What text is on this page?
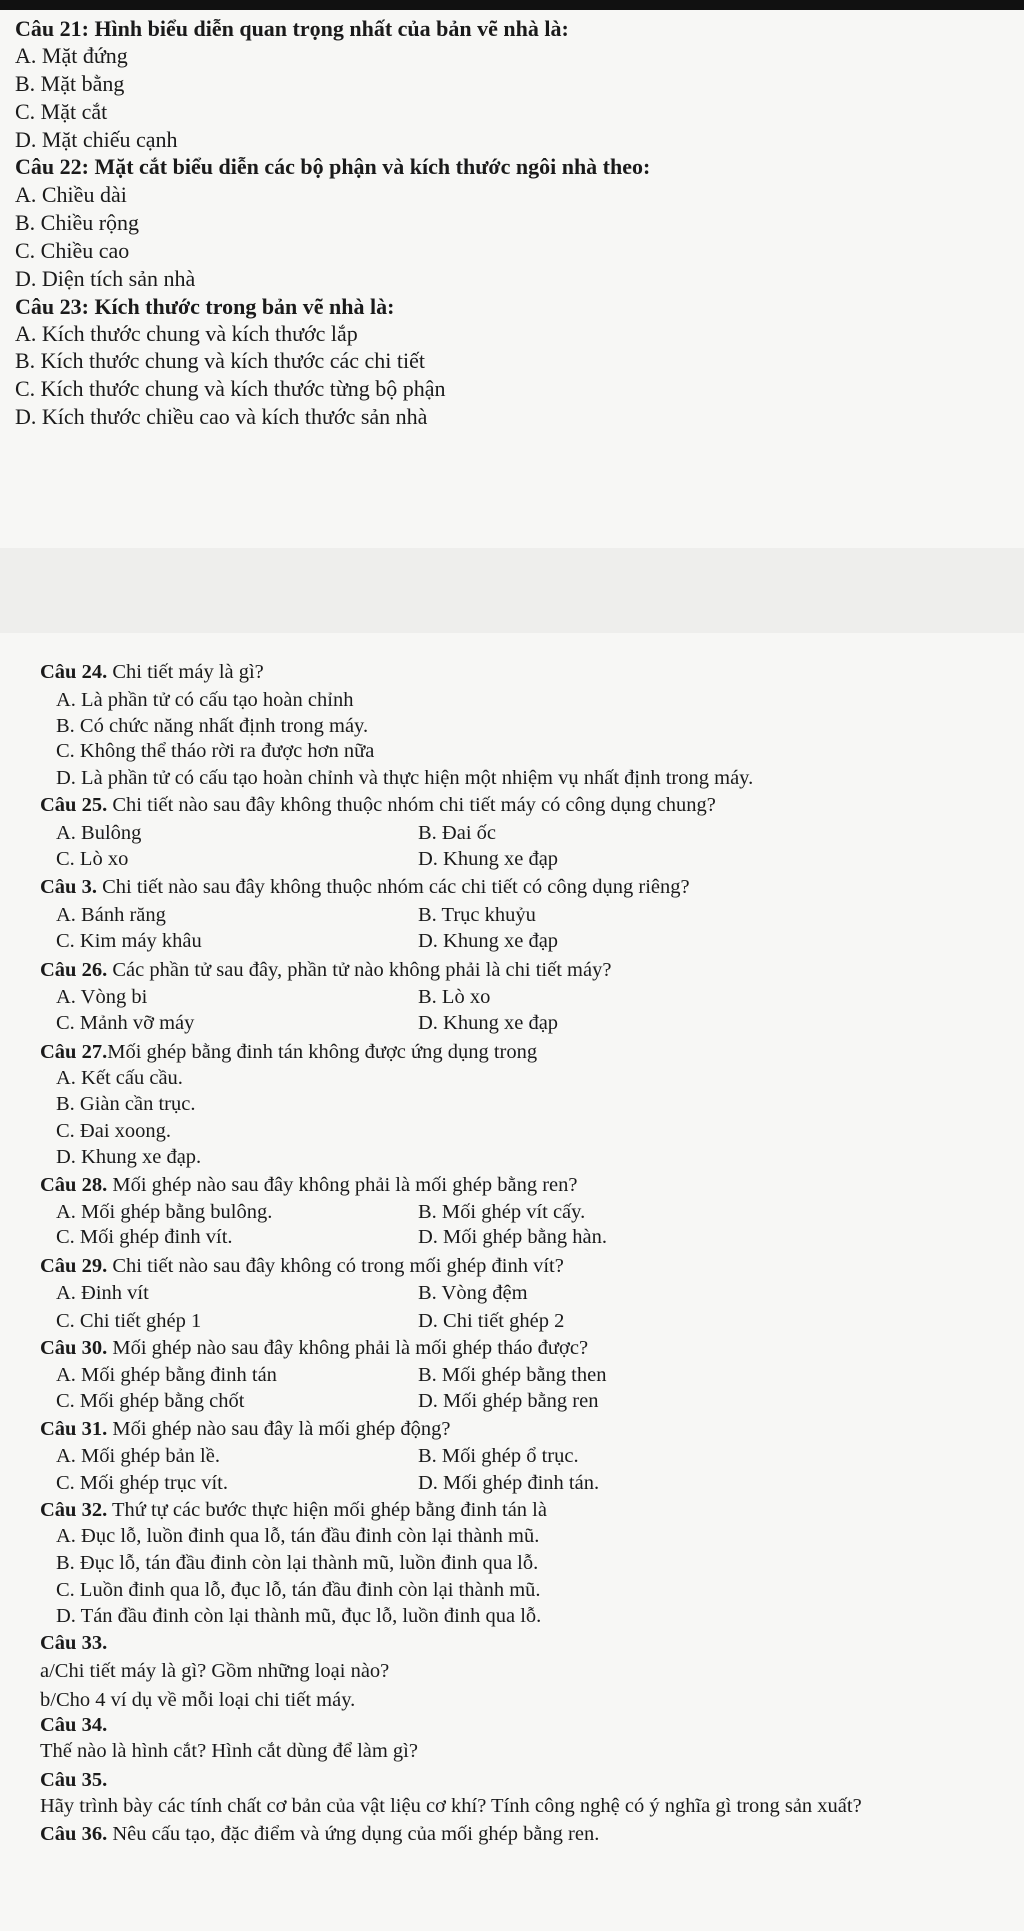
Câu 21: Hình biểu diễn quan trọng nhất của bản vẽ nhà là:
A. Mặt đứng
B. Mặt bằng
C. Mặt cắt
D. Mặt chiếu cạnh
Câu 22: Mặt cắt biểu diễn các bộ phận và kích thước ngôi nhà theo:
A. Chiều dài
B. Chiều rộng
C. Chiều cao
D. Diện tích sản nhà
Câu 23: Kích thước trong bản vẽ nhà là:
A. Kích thước chung và kích thước lắp
B. Kích thước chung và kích thước các chi tiết
C. Kích thước chung và kích thước từng bộ phận
D. Kích thước chiều cao và kích thước sản nhà
Câu 24. Chi tiết máy là gì?
A. Là phần tử có cấu tạo hoàn chỉnh
B. Có chức năng nhất định trong máy.
C. Không thể tháo rời ra được hơn nữa
D. Là phần tử có cấu tạo hoàn chỉnh và thực hiện một nhiệm vụ nhất định trong máy.
Câu 25. Chi tiết nào sau đây không thuộc nhóm chi tiết máy có công dụng chung?
A. Bulông	B. Đai ốc
C. Lò xo	D. Khung xe đạp
Câu 3. Chi tiết nào sau đây không thuộc nhóm các chi tiết có công dụng riêng?
A. Bánh răng	B. Trục khuỷu
C. Kim máy khâu	D. Khung xe đạp
Câu 26. Các phần tử sau đây, phần tử nào không phải là chi tiết máy?
A. Vòng bi	B. Lò xo
C. Mảnh vỡ máy	D. Khung xe đạp
Câu 27.Mối ghép bằng đinh tán không được ứng dụng trong
A. Kết cấu cầu.
B. Giàn cần trục.
C. Đai xoong.
D. Khung xe đạp.
Câu 28. Mối ghép nào sau đây không phải là mối ghép bằng ren?
A. Mối ghép bằng bulông.	B. Mối ghép vít cấy.
C. Mối ghép đinh vít.	D. Mối ghép bằng hàn.
Câu 29. Chi tiết nào sau đây không có trong mối ghép đinh vít?
A. Đinh vít	B. Vòng đệm
C. Chi tiết ghép 1	D. Chi tiết ghép 2
Câu 30. Mối ghép nào sau đây không phải là mối ghép tháo được?
A. Mối ghép bằng đinh tán	B. Mối ghép bằng then
C. Mối ghép bằng chốt	D. Mối ghép bằng ren
Câu 31. Mối ghép nào sau đây là mối ghép động?
A. Mối ghép bản lề.	B. Mối ghép ổ trục.
C. Mối ghép trục vít.	D. Mối ghép đinh tán.
Câu 32. Thứ tự các bước thực hiện mối ghép bằng đinh tán là
A. Đục lỗ, luồn đinh qua lỗ, tán đầu đinh còn lại thành mũ.
B. Đục lỗ, tán đầu đinh còn lại thành mũ, luồn đinh qua lỗ.
C. Luồn đinh qua lỗ, đục lỗ, tán đầu đinh còn lại thành mũ.
D. Tán đầu đinh còn lại thành mũ, đục lỗ, luồn đinh qua lỗ.
Câu 33.
a/Chi tiết máy là gì? Gồm những loại nào?
b/Cho 4 ví dụ về mỗi loại chi tiết máy.
Câu 34.
Thế nào là hình cắt? Hình cắt dùng để làm gì?
Câu 35.
Hãy trình bày các tính chất cơ bản của vật liệu cơ khí? Tính công nghệ có ý nghĩa gì trong sản xuất?
Câu 36. Nêu cấu tạo, đặc điểm và ứng dụng của mối ghép bằng ren.
